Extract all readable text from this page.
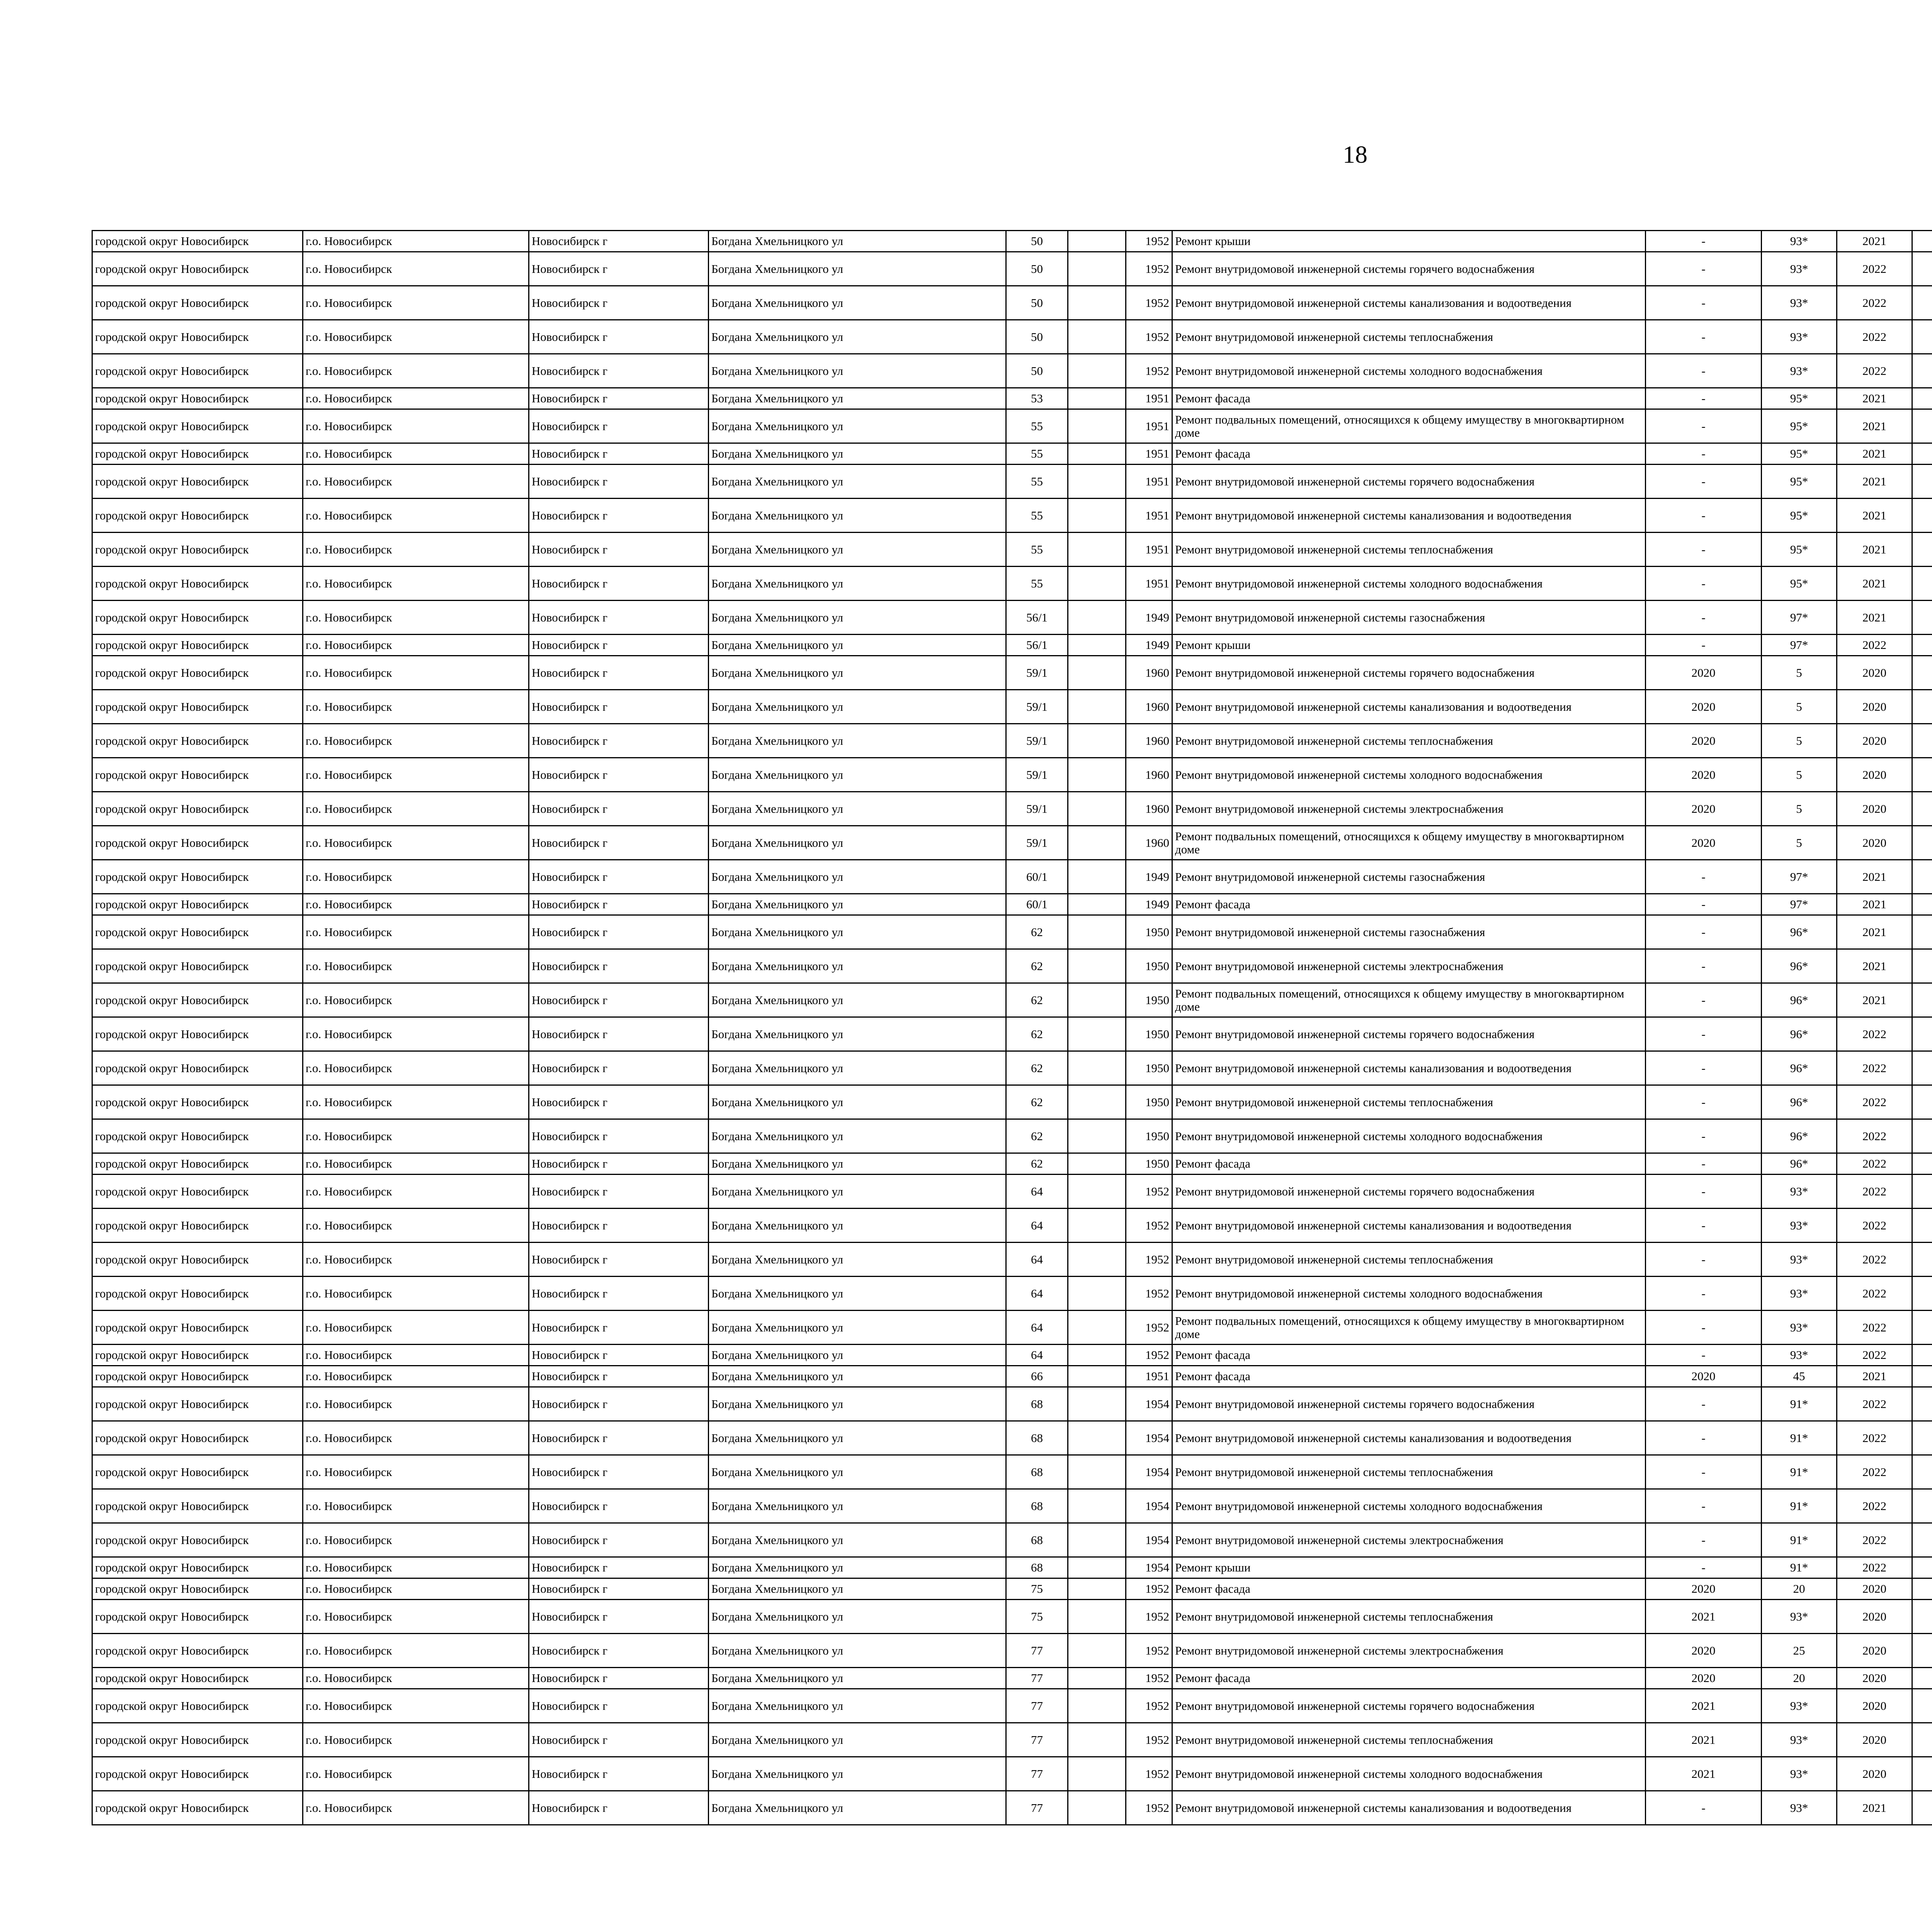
18
городской округ Новосибирск	г.о. Новосибирск	Новосибирск г	Богдана Хмельницкого ул	50		1952	Ремонт крыши	-	93*	2021						
городской округ Новосибирск	г.о. Новосибирск	Новосибирск г	Богдана Хмельницкого ул	50		1952	Ремонт внутридомовой инженерной системы горячего водоснабжения	-	93*	2022						
городской округ Новосибирск	г.о. Новосибирск	Новосибирск г	Богдана Хмельницкого ул	50		1952	Ремонт внутридомовой инженерной системы канализования и водоотведения	-	93*	2022						
городской округ Новосибирск	г.о. Новосибирск	Новосибирск г	Богдана Хмельницкого ул	50		1952	Ремонт внутридомовой инженерной системы теплоснабжения	-	93*	2022						
городской округ Новосибирск	г.о. Новосибирск	Новосибирск г	Богдана Хмельницкого ул	50		1952	Ремонт внутридомовой инженерной системы холодного водоснабжения	-	93*	2022						
городской округ Новосибирск	г.о. Новосибирск	Новосибирск г	Богдана Хмельницкого ул	53		1951	Ремонт фасада	-	95*	2021						
городской округ Новосибирск	г.о. Новосибирск	Новосибирск г	Богдана Хмельницкого ул	55		1951	Ремонт подвальных помещений, относящихся к общему имуществу в многоквартирном доме	-	95*	2021						
городской округ Новосибирск	г.о. Новосибирск	Новосибирск г	Богдана Хмельницкого ул	55		1951	Ремонт фасада	-	95*	2021						
городской округ Новосибирск	г.о. Новосибирск	Новосибирск г	Богдана Хмельницкого ул	55		1951	Ремонт внутридомовой инженерной системы горячего водоснабжения	-	95*	2021						
городской округ Новосибирск	г.о. Новосибирск	Новосибирск г	Богдана Хмельницкого ул	55		1951	Ремонт внутридомовой инженерной системы канализования и водоотведения	-	95*	2021						
городской округ Новосибирск	г.о. Новосибирск	Новосибирск г	Богдана Хмельницкого ул	55		1951	Ремонт внутридомовой инженерной системы теплоснабжения	-	95*	2021						
городской округ Новосибирск	г.о. Новосибирск	Новосибирск г	Богдана Хмельницкого ул	55		1951	Ремонт внутридомовой инженерной системы холодного водоснабжения	-	95*	2021						
городской округ Новосибирск	г.о. Новосибирск	Новосибирск г	Богдана Хмельницкого ул	56/1		1949	Ремонт внутридомовой инженерной системы газоснабжения	-	97*	2021						
городской округ Новосибирск	г.о. Новосибирск	Новосибирск г	Богдана Хмельницкого ул	56/1		1949	Ремонт крыши	-	97*	2022						
городской округ Новосибирск	г.о. Новосибирск	Новосибирск г	Богдана Хмельницкого ул	59/1		1960	Ремонт внутридомовой инженерной системы горячего водоснабжения	2020	5	2020						
городской округ Новосибирск	г.о. Новосибирск	Новосибирск г	Богдана Хмельницкого ул	59/1		1960	Ремонт внутридомовой инженерной системы канализования и водоотведения	2020	5	2020						
городской округ Новосибирск	г.о. Новосибирск	Новосибирск г	Богдана Хмельницкого ул	59/1		1960	Ремонт внутридомовой инженерной системы теплоснабжения	2020	5	2020						
городской округ Новосибирск	г.о. Новосибирск	Новосибирск г	Богдана Хмельницкого ул	59/1		1960	Ремонт внутридомовой инженерной системы холодного водоснабжения	2020	5	2020						
городской округ Новосибирск	г.о. Новосибирск	Новосибирск г	Богдана Хмельницкого ул	59/1		1960	Ремонт внутридомовой инженерной системы электроснабжения	2020	5	2020						
городской округ Новосибирск	г.о. Новосибирск	Новосибирск г	Богдана Хмельницкого ул	59/1		1960	Ремонт подвальных помещений, относящихся к общему имуществу в многоквартирном доме	2020	5	2020						
городской округ Новосибирск	г.о. Новосибирск	Новосибирск г	Богдана Хмельницкого ул	60/1		1949	Ремонт внутридомовой инженерной системы газоснабжения	-	97*	2021						
городской округ Новосибирск	г.о. Новосибирск	Новосибирск г	Богдана Хмельницкого ул	60/1		1949	Ремонт фасада	-	97*	2021						
городской округ Новосибирск	г.о. Новосибирск	Новосибирск г	Богдана Хмельницкого ул	62		1950	Ремонт внутридомовой инженерной системы газоснабжения	-	96*	2021						
городской округ Новосибирск	г.о. Новосибирск	Новосибирск г	Богдана Хмельницкого ул	62		1950	Ремонт внутридомовой инженерной системы электроснабжения	-	96*	2021						
городской округ Новосибирск	г.о. Новосибирск	Новосибирск г	Богдана Хмельницкого ул	62		1950	Ремонт подвальных помещений, относящихся к общему имуществу в многоквартирном доме	-	96*	2021						
городской округ Новосибирск	г.о. Новосибирск	Новосибирск г	Богдана Хмельницкого ул	62		1950	Ремонт внутридомовой инженерной системы горячего водоснабжения	-	96*	2022						
городской округ Новосибирск	г.о. Новосибирск	Новосибирск г	Богдана Хмельницкого ул	62		1950	Ремонт внутридомовой инженерной системы канализования и водоотведения	-	96*	2022						
городской округ Новосибирск	г.о. Новосибирск	Новосибирск г	Богдана Хмельницкого ул	62		1950	Ремонт внутридомовой инженерной системы теплоснабжения	-	96*	2022						
городской округ Новосибирск	г.о. Новосибирск	Новосибирск г	Богдана Хмельницкого ул	62		1950	Ремонт внутридомовой инженерной системы холодного водоснабжения	-	96*	2022						
городской округ Новосибирск	г.о. Новосибирск	Новосибирск г	Богдана Хмельницкого ул	62		1950	Ремонт фасада	-	96*	2022						
городской округ Новосибирск	г.о. Новосибирск	Новосибирск г	Богдана Хмельницкого ул	64		1952	Ремонт внутридомовой инженерной системы горячего водоснабжения	-	93*	2022						
городской округ Новосибирск	г.о. Новосибирск	Новосибирск г	Богдана Хмельницкого ул	64		1952	Ремонт внутридомовой инженерной системы канализования и водоотведения	-	93*	2022						
городской округ Новосибирск	г.о. Новосибирск	Новосибирск г	Богдана Хмельницкого ул	64		1952	Ремонт внутридомовой инженерной системы теплоснабжения	-	93*	2022						
городской округ Новосибирск	г.о. Новосибирск	Новосибирск г	Богдана Хмельницкого ул	64		1952	Ремонт внутридомовой инженерной системы холодного водоснабжения	-	93*	2022						
городской округ Новосибирск	г.о. Новосибирск	Новосибирск г	Богдана Хмельницкого ул	64		1952	Ремонт подвальных помещений, относящихся к общему имуществу в многоквартирном доме	-	93*	2022						
городской округ Новосибирск	г.о. Новосибирск	Новосибирск г	Богдана Хмельницкого ул	64		1952	Ремонт фасада	-	93*	2022						
городской округ Новосибирск	г.о. Новосибирск	Новосибирск г	Богдана Хмельницкого ул	66		1951	Ремонт фасада	2020	45	2021						
городской округ Новосибирск	г.о. Новосибирск	Новосибирск г	Богдана Хмельницкого ул	68		1954	Ремонт внутридомовой инженерной системы горячего водоснабжения	-	91*	2022						
городской округ Новосибирск	г.о. Новосибирск	Новосибирск г	Богдана Хмельницкого ул	68		1954	Ремонт внутридомовой инженерной системы канализования и водоотведения	-	91*	2022						
городской округ Новосибирск	г.о. Новосибирск	Новосибирск г	Богдана Хмельницкого ул	68		1954	Ремонт внутридомовой инженерной системы теплоснабжения	-	91*	2022						
городской округ Новосибирск	г.о. Новосибирск	Новосибирск г	Богдана Хмельницкого ул	68		1954	Ремонт внутридомовой инженерной системы холодного водоснабжения	-	91*	2022						
городской округ Новосибирск	г.о. Новосибирск	Новосибирск г	Богдана Хмельницкого ул	68		1954	Ремонт внутридомовой инженерной системы электроснабжения	-	91*	2022						
городской округ Новосибирск	г.о. Новосибирск	Новосибирск г	Богдана Хмельницкого ул	68		1954	Ремонт крыши	-	91*	2022						
городской округ Новосибирск	г.о. Новосибирск	Новосибирск г	Богдана Хмельницкого ул	75		1952	Ремонт фасада	2020	20	2020						
городской округ Новосибирск	г.о. Новосибирск	Новосибирск г	Богдана Хмельницкого ул	75		1952	Ремонт внутридомовой инженерной системы теплоснабжения	2021	93*	2020						
городской округ Новосибирск	г.о. Новосибирск	Новосибирск г	Богдана Хмельницкого ул	77		1952	Ремонт внутридомовой инженерной системы электроснабжения	2020	25	2020						
городской округ Новосибирск	г.о. Новосибирск	Новосибирск г	Богдана Хмельницкого ул	77		1952	Ремонт фасада	2020	20	2020						
городской округ Новосибирск	г.о. Новосибирск	Новосибирск г	Богдана Хмельницкого ул	77		1952	Ремонт внутридомовой инженерной системы горячего водоснабжения	2021	93*	2020						
городской округ Новосибирск	г.о. Новосибирск	Новосибирск г	Богдана Хмельницкого ул	77		1952	Ремонт внутридомовой инженерной системы теплоснабжения	2021	93*	2020						
городской округ Новосибирск	г.о. Новосибирск	Новосибирск г	Богдана Хмельницкого ул	77		1952	Ремонт внутридомовой инженерной системы холодного водоснабжения	2021	93*	2020						
городской округ Новосибирск	г.о. Новосибирск	Новосибирск г	Богдана Хмельницкого ул	77		1952	Ремонт внутридомовой инженерной системы канализования и водоотведения	-	93*	2021						
